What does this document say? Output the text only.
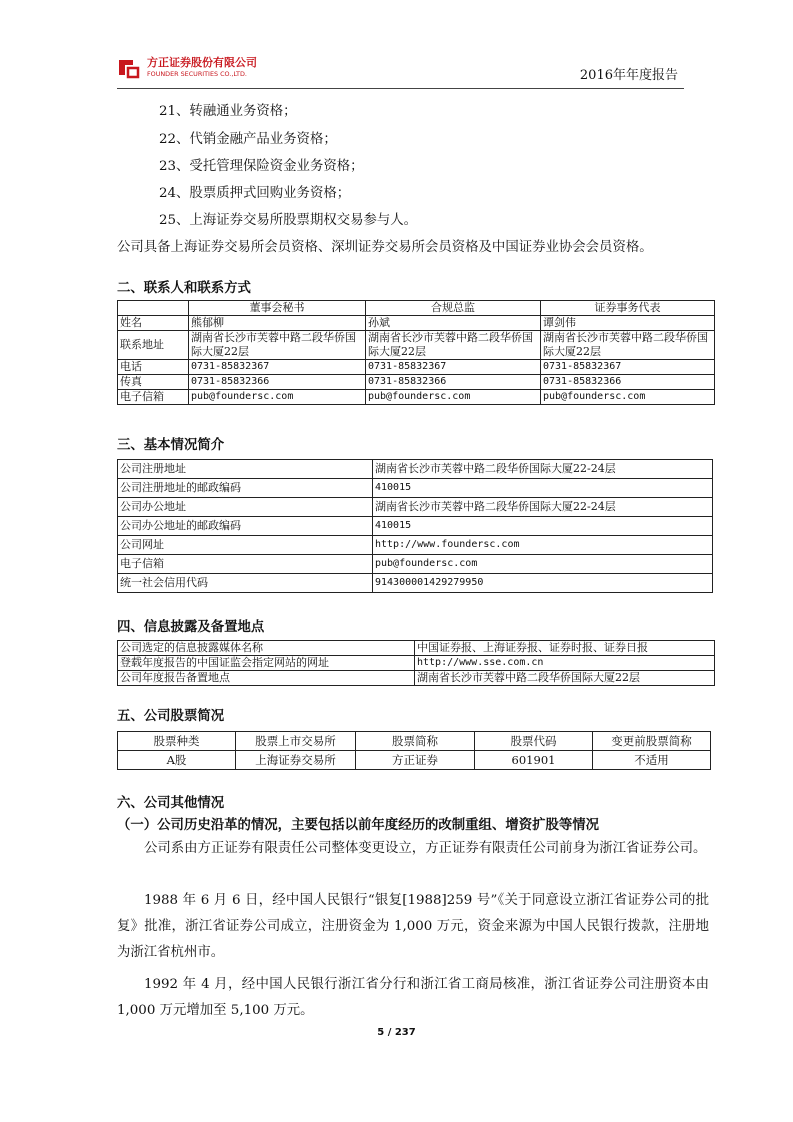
方正证券股份有限公司
FOUNDER SECURITIES CO.,LTD.	2016年年度报告
21、转融通业务资格；
22、代销金融产品业务资格；
23、受托管理保险资金业务资格；
24、股票质押式回购业务资格；
25、上海证券交易所股票期权交易参与人。
公司具备上海证券交易所会员资格、深圳证券交易所会员资格及中国证券业协会会员资格。
二、联系人和联系方式
	董事会秘书	合规总监	证券事务代表
姓名	熊郁柳	孙斌	谭剑伟
联系地址	湖南省长沙市芙蓉中路二段华侨国际大厦22层	湖南省长沙市芙蓉中路二段华侨国际大厦22层	湖南省长沙市芙蓉中路二段华侨国际大厦22层
电话	0731-85832367	0731-85832367	0731-85832367
传真	0731-85832366	0731-85832366	0731-85832366
电子信箱	pub@foundersc.com	pub@foundersc.com	pub@foundersc.com
三、基本情况简介
公司注册地址	湖南省长沙市芙蓉中路二段华侨国际大厦22-24层
公司注册地址的邮政编码	410015
公司办公地址	湖南省长沙市芙蓉中路二段华侨国际大厦22-24层
公司办公地址的邮政编码	410015
公司网址	http://www.foundersc.com
电子信箱	pub@foundersc.com
统一社会信用代码	914300001429279950
四、信息披露及备置地点
公司选定的信息披露媒体名称	中国证券报、上海证券报、证券时报、证券日报
登载年度报告的中国证监会指定网站的网址	http://www.sse.com.cn
公司年度报告备置地点	湖南省长沙市芙蓉中路二段华侨国际大厦22层
五、公司股票简况
股票种类	股票上市交易所	股票简称	股票代码	变更前股票简称
A股	上海证券交易所	方正证券	601901	不适用
六、公司其他情况
（一）公司历史沿革的情况，主要包括以前年度经历的改制重组、增资扩股等情况
公司系由方正证券有限责任公司整体变更设立，方正证券有限责任公司前身为浙江省证券公司。
1988 年 6 月 6 日，经中国人民银行“银复[1988]259 号”《关于同意设立浙江省证券公司的批复》批准，浙江省证券公司成立，注册资金为 1,000 万元，资金来源为中国人民银行拨款，注册地为浙江省杭州市。
1992 年 4 月，经中国人民银行浙江省分行和浙江省工商局核准，浙江省证券公司注册资本由 1,000 万元增加至 5,100 万元。
5 / 237
